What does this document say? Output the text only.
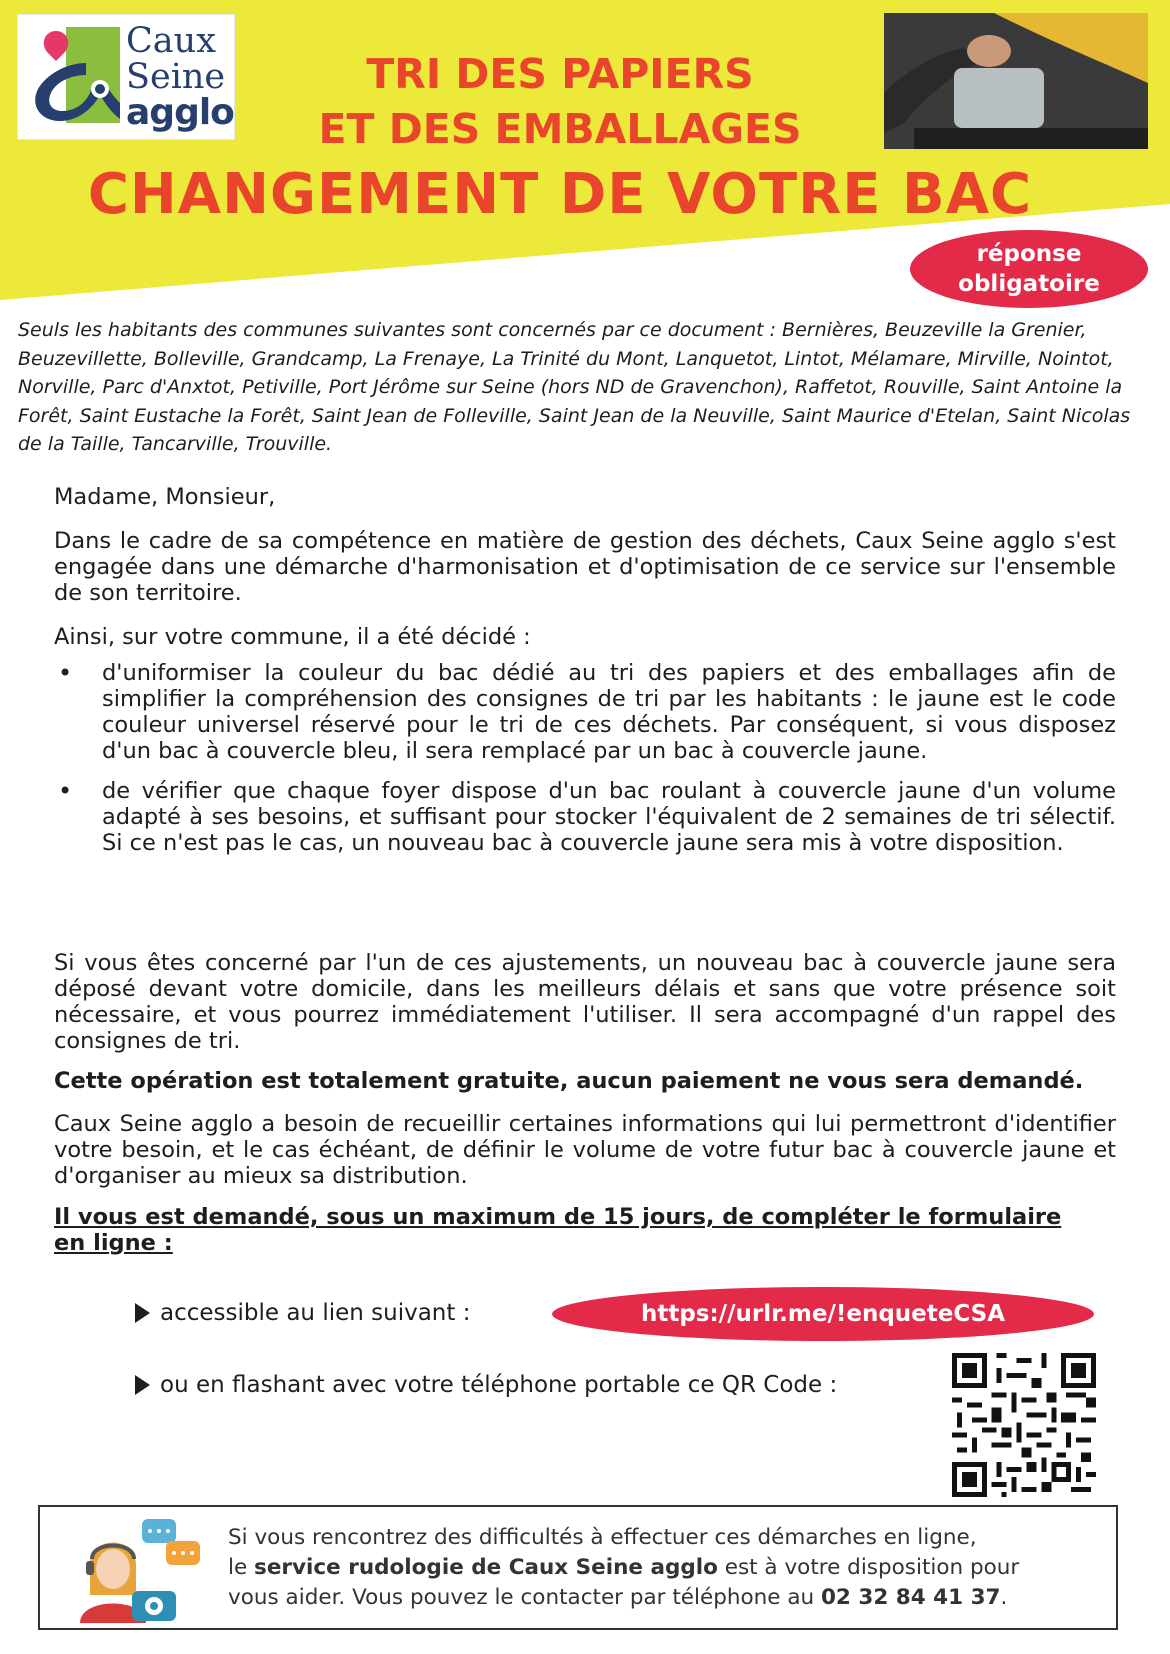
Caux
Seine
agglo
TRI DES PAPIERS
ET DES EMBALLAGES
CHANGEMENT DE VOTRE BAC
réponse
obligatoire
Seuls les habitants des communes suivantes sont concernés par ce document : Bernières, Beuzeville la Grenier, Beuzevillette, Bolleville, Grandcamp, La Frenaye, La Trinité du Mont, Lanquetot, Lintot, Mélamare, Mirville, Nointot, Norville, Parc d'Anxtot, Petiville, Port Jérôme sur Seine (hors ND de Gravenchon), Raffetot, Rouville, Saint Antoine la Forêt, Saint Eustache la Forêt, Saint Jean de Folleville, Saint Jean de la Neuville, Saint Maurice d'Etelan, Saint Nicolas de la Taille, Tancarville, Trouville.
Madame, Monsieur,
Dans le cadre de sa compétence en matière de gestion des déchets, Caux Seine agglo s'est engagée dans une démarche d'harmonisation et d'optimisation de ce service sur l'ensemble de son territoire.
Ainsi, sur votre commune, il a été décidé :
• d'uniformiser la couleur du bac dédié au tri des papiers et des emballages afin de simplifier la compréhension des consignes de tri par les habitants : le jaune est le code couleur universel réservé pour le tri de ces déchets. Par conséquent, si vous disposez d'un bac à couvercle bleu, il sera remplacé par un bac à couvercle jaune.
• de vérifier que chaque foyer dispose d'un bac roulant à couvercle jaune d'un volume adapté à ses besoins, et suffisant pour stocker l'équivalent de 2 semaines de tri sélectif. Si ce n'est pas le cas, un nouveau bac à couvercle jaune sera mis à votre disposition.
Si vous êtes concerné par l'un de ces ajustements, un nouveau bac à couvercle jaune sera déposé devant votre domicile, dans les meilleurs délais et sans que votre présence soit nécessaire, et vous pourrez immédiatement l'utiliser. Il sera accompagné d'un rappel des consignes de tri.
Cette opération est totalement gratuite, aucun paiement ne vous sera demandé.
Caux Seine agglo a besoin de recueillir certaines informations qui lui permettront d'identifier votre besoin, et le cas échéant, de définir le volume de votre futur bac à couvercle jaune et d'organiser au mieux sa distribution.
Il vous est demandé, sous un maximum de 15 jours, de compléter le formulaire en ligne :
accessible au lien suivant :	https://urlr.me/!enqueteCSA
ou en flashant avec votre téléphone portable ce QR Code :
Si vous rencontrez des difficultés à effectuer ces démarches en ligne,
le service rudologie de Caux Seine agglo est à votre disposition pour
vous aider. Vous pouvez le contacter par téléphone au 02 32 84 41 37.
